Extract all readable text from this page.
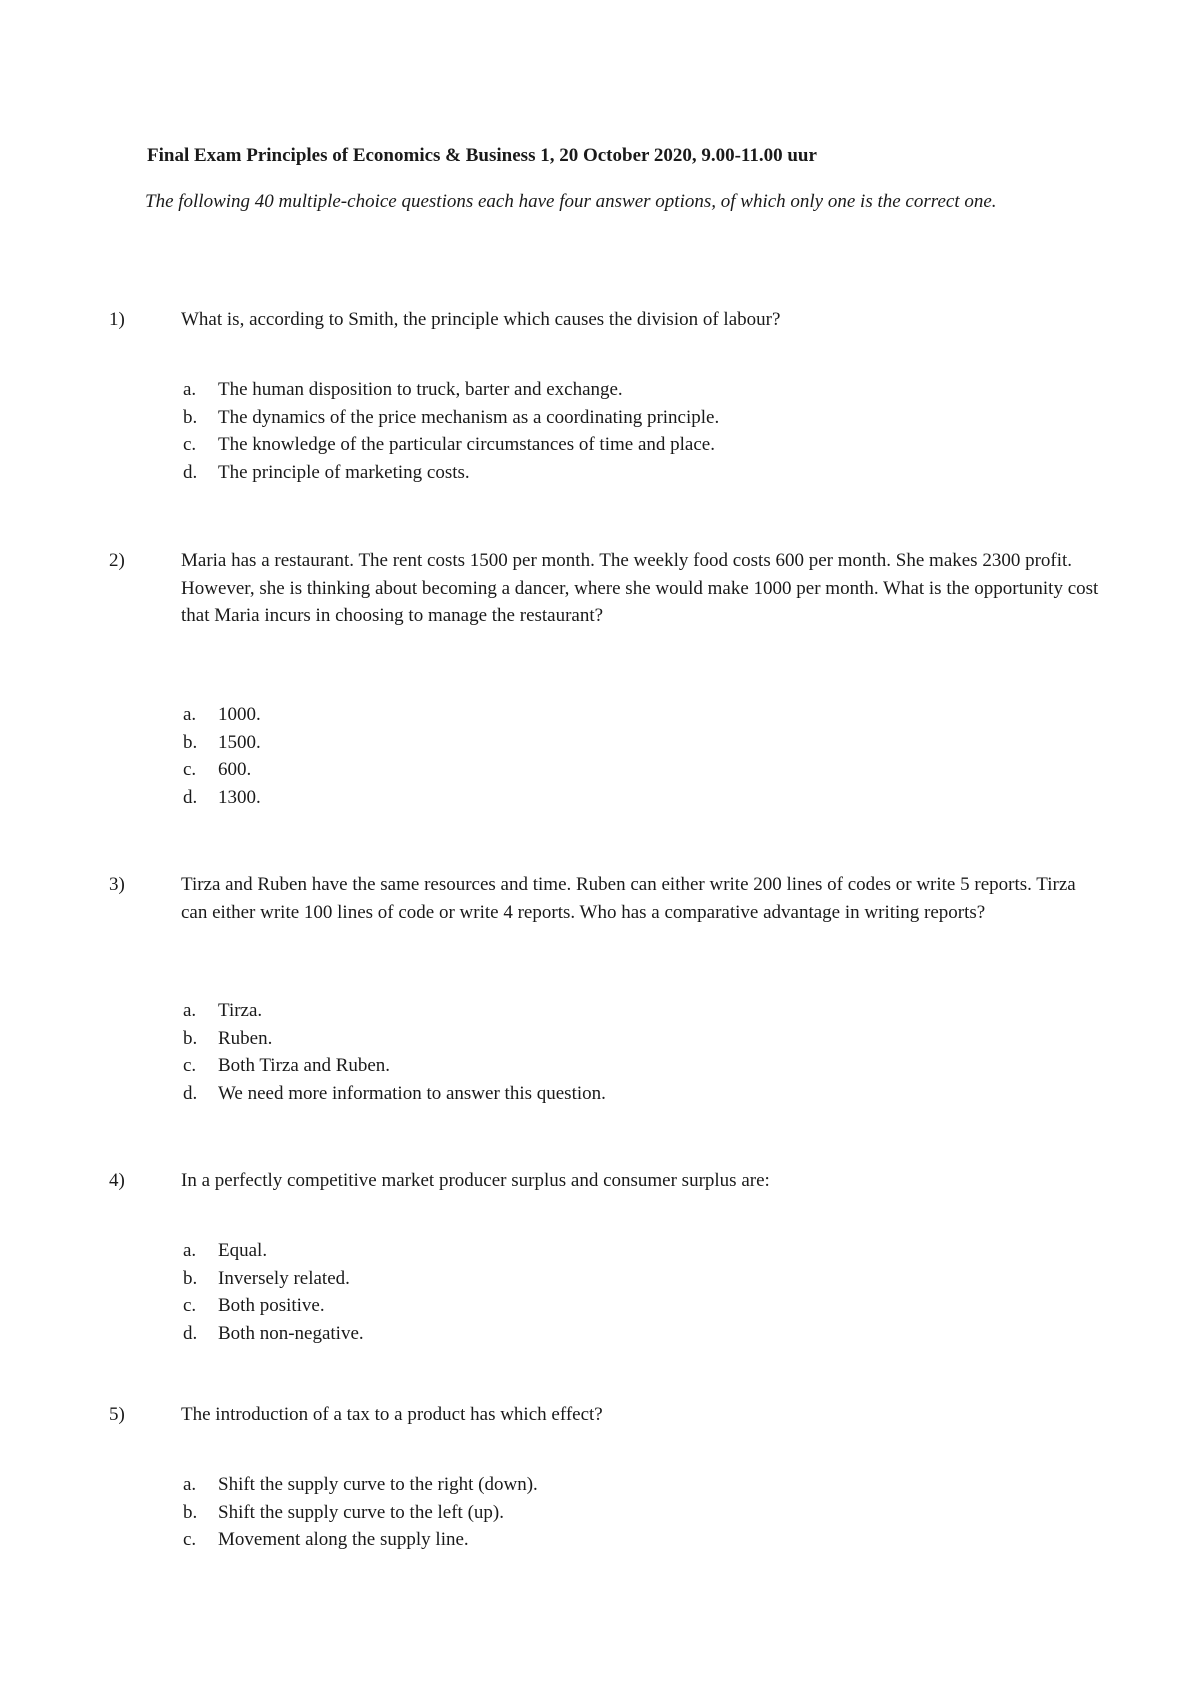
Final Exam Principles of Economics & Business 1, 20 October 2020, 9.00-11.00 uur
The following 40 multiple-choice questions each have four answer options, of which only one is the correct one.
1)	What is, according to Smith, the principle which causes the division of labour?
a. The human disposition to truck, barter and exchange.
b. The dynamics of the price mechanism as a coordinating principle.
c. The knowledge of the particular circumstances of time and place.
d. The principle of marketing costs.
2)	Maria has a restaurant. The rent costs 1500 per month. The weekly food costs 600 per month. She makes 2300 profit. However, she is thinking about becoming a dancer, where she would make 1000 per month. What is the opportunity cost that Maria incurs in choosing to manage the restaurant?
a. 1000.
b. 1500.
c. 600.
d. 1300.
3)	Tirza and Ruben have the same resources and time. Ruben can either write 200 lines of codes or write 5 reports. Tirza can either write 100 lines of code or write 4 reports. Who has a comparative advantage in writing reports?
a. Tirza.
b. Ruben.
c. Both Tirza and Ruben.
d. We need more information to answer this question.
4)	In a perfectly competitive market producer surplus and consumer surplus are:
a. Equal.
b. Inversely related.
c. Both positive.
d. Both non-negative.
5)	The introduction of a tax to a product has which effect?
a. Shift the supply curve to the right (down).
b. Shift the supply curve to the left (up).
c. Movement along the supply line.
